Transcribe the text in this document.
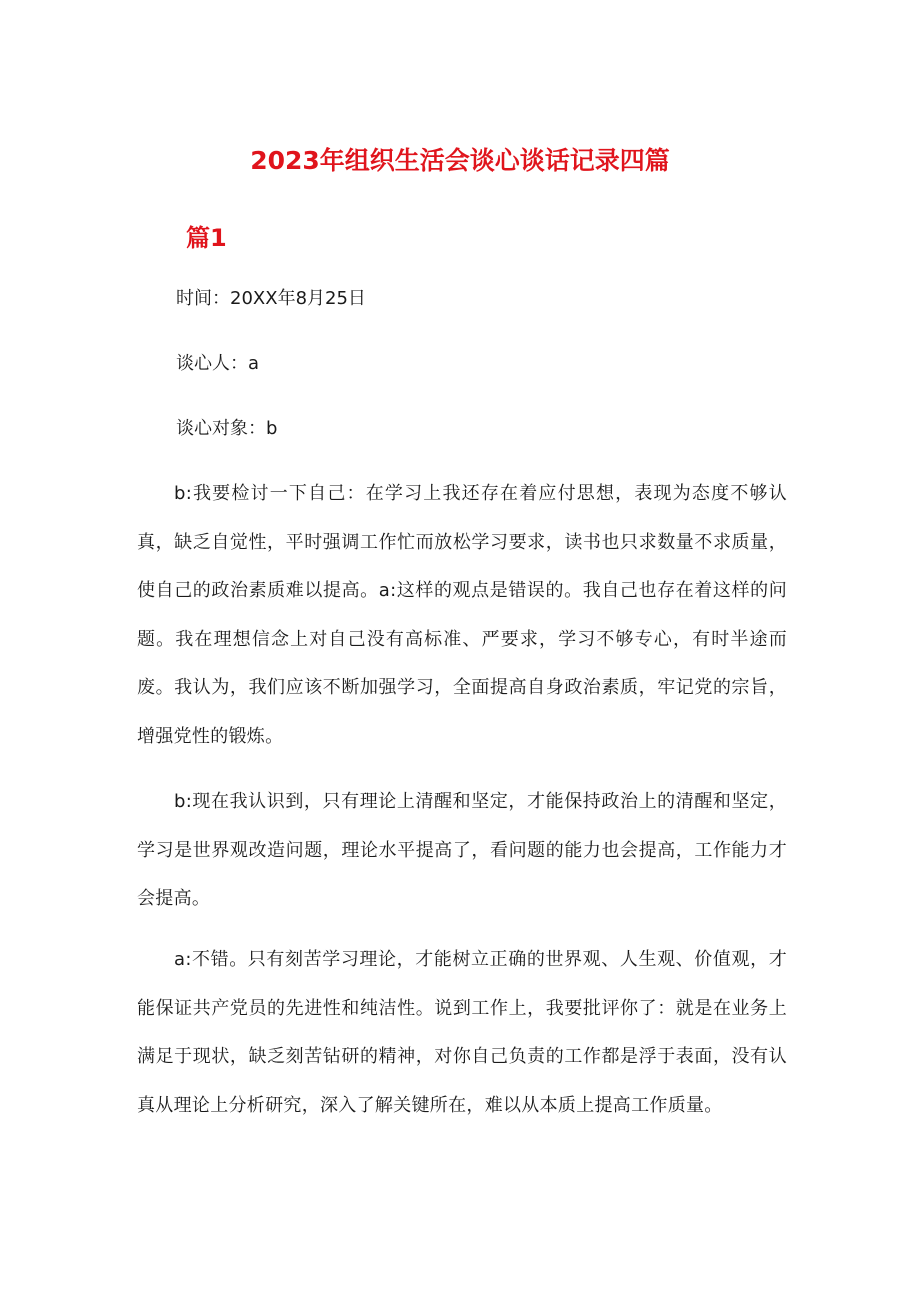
2023年组织生活会谈心谈话记录四篇
篇1
时间：20XX年8月25日
谈心人：a
谈心对象：b
b:我要检讨一下自己：在学习上我还存在着应付思想，表现为态度不够认真，缺乏自觉性，平时强调工作忙而放松学习要求，读书也只求数量不求质量，使自己的政治素质难以提高。a:这样的观点是错误的。我自己也存在着这样的问题。我在理想信念上对自己没有高标准、严要求，学习不够专心，有时半途而废。我认为，我们应该不断加强学习，全面提高自身政治素质，牢记党的宗旨，增强党性的锻炼。
b:现在我认识到，只有理论上清醒和坚定，才能保持政治上的清醒和坚定，学习是世界观改造问题，理论水平提高了，看问题的能力也会提高，工作能力才会提高。
a:不错。只有刻苦学习理论，才能树立正确的世界观、人生观、价值观，才能保证共产党员的先进性和纯洁性。说到工作上，我要批评你了：就是在业务上满足于现状，缺乏刻苦钻研的精神，对你自己负责的工作都是浮于表面，没有认真从理论上分析研究，深入了解关键所在，难以从本质上提高工作质量。
